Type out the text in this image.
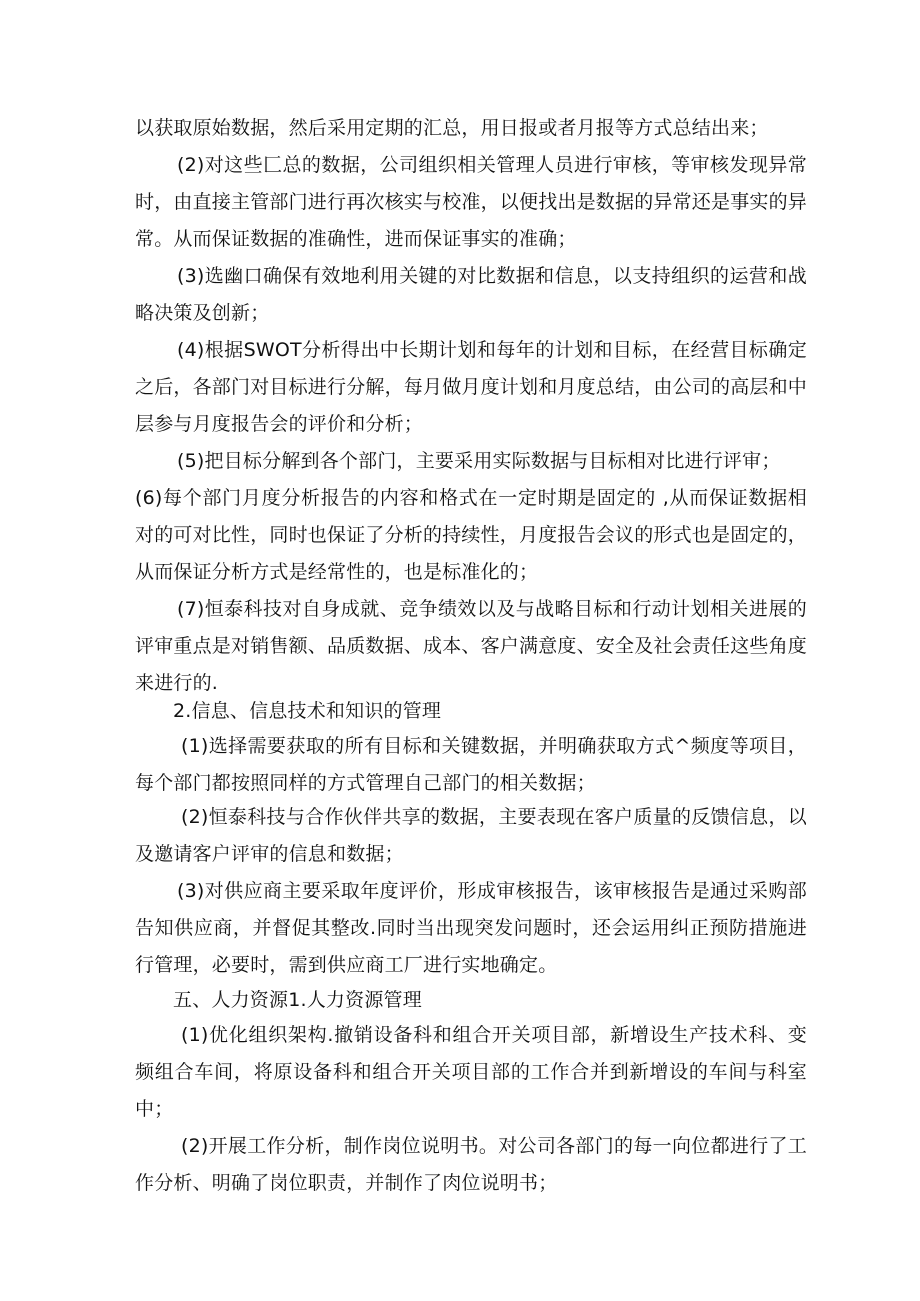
以获取原始数据，然后采用定期的汇总，用日报或者月报等方式总结出来；

(2)对这些匚总的数据，公司组织相关管理人员进行审核，等审核发现异常时，由直接主管部门进行再次核实与校准，以便找出是数据的异常还是事实的异常。从而保证数据的准确性，进而保证事实的准确；

(3)选幽口确保有效地利用关键的对比数据和信息，以支持组织的运营和战略决策及创新；

(4)根据SWOT分析得出中长期计划和每年的计划和目标，在经营目标确定之后，各部门对目标进行分解，每月做月度计划和月度总结，由公司的高层和中层参与月度报告会的评价和分析；

(5)把目标分解到各个部门，主要采用实际数据与目标相对比进行评审；

(6)每个部门月度分析报告的内容和格式在一定时期是固定的 ,从而保证数据相对的可对比性，同时也保证了分析的持续性，月度报告会议的形式也是固定的，从而保证分析方式是经常性的，也是标准化的；

(7)恒泰科技对自身成就、竞争绩效以及与战略目标和行动计划相关进展的评审重点是对销售额、品质数据、成本、客户满意度、安全及社会责任这些角度来进行的.

2.信息、信息技术和知识的管理

(1)选择需要获取的所有目标和关键数据，并明确获取方式^频度等项目，每个部门都按照同样的方式管理自己部门的相关数据；

(2)恒泰科技与合作伙伴共享的数据，主要表现在客户质量的反馈信息，以及邀请客户评审的信息和数据；

(3)对供应商主要采取年度评价，形成审核报告，该审核报告是通过采购部告知供应商，并督促其整改.同时当出现突发问题时，还会运用纠正预防措施进行管理，必要时，需到供应商工厂进行实地确定。

五、人力资源1.人力资源管理

(1)优化组织架构.撤销设备科和组合开关项目部，新增设生产技术科、变频组合车间，将原设备科和组合开关项目部的工作合并到新增设的车间与科室中；

(2)开展工作分析，制作岗位说明书。对公司各部门的每一向位都进行了工作分析、明确了岗位职责，并制作了肉位说明书；
